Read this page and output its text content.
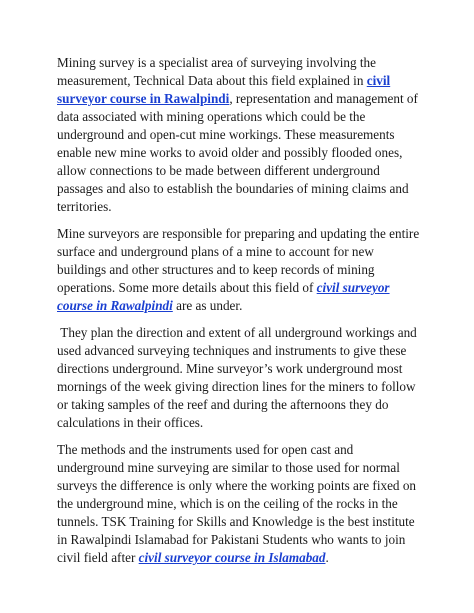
Mining survey is a specialist area of surveying involving the measurement, Technical Data about this field explained in civil surveyor course in Rawalpindi, representation and management of data associated with mining operations which could be the underground and open-cut mine workings. These measurements enable new mine works to avoid older and possibly flooded ones, allow connections to be made between different underground passages and also to establish the boundaries of mining claims and territories.

Mine surveyors are responsible for preparing and updating the entire surface and underground plans of a mine to account for new buildings and other structures and to keep records of mining operations. Some more details about this field of civil surveyor course in Rawalpindi are as under.

They plan the direction and extent of all underground workings and used advanced surveying techniques and instruments to give these directions underground. Mine surveyor’s work underground most mornings of the week giving direction lines for the miners to follow or taking samples of the reef and during the afternoons they do calculations in their offices.

The methods and the instruments used for open cast and underground mine surveying are similar to those used for normal surveys the difference is only where the working points are fixed on the underground mine, which is on the ceiling of the rocks in the tunnels. TSK Training for Skills and Knowledge is the best institute in Rawalpindi Islamabad for Pakistani Students who wants to join civil field after civil surveyor course in Islamabad.
